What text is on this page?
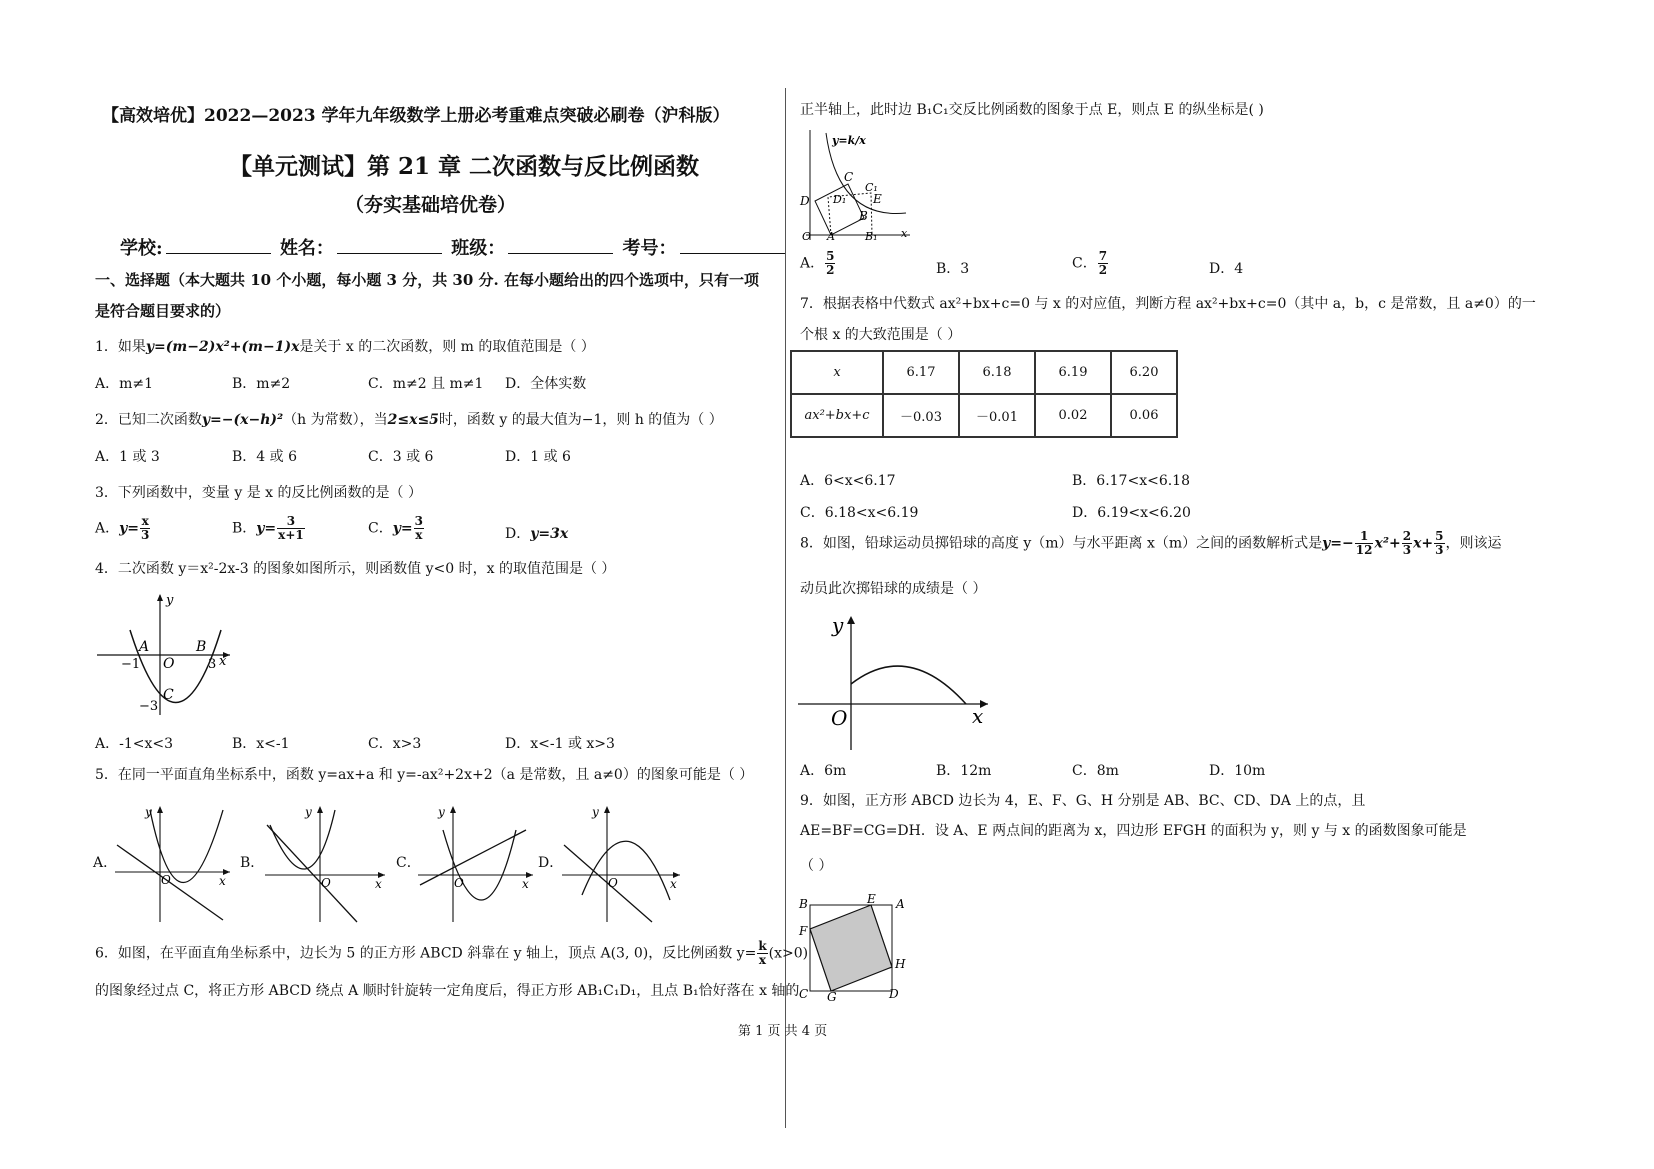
【高效培优】2022—2023 学年九年级数学上册必考重难点突破必刷卷（沪科版）
【单元测试】第 21 章 二次函数与反比例函数
（夯实基础培优卷）
学校:	姓名：	班级：	考号：
一、选择题（本大题共 10 个小题，每小题 3 分，共 30 分. 在每小题给出的四个选项中，只有一项
是符合题目要求的）
1．如果y=(m−2)x²+(m−1)x是关于 x 的二次函数，则 m 的取值范围是（ ）
A．m≠1	B．m≠2	C．m≠2 且 m≠1 D．全体实数
2．已知二次函数y=−(x−h)²（h 为常数），当2≤x≤5时，函数 y 的最大值为−1，则 h 的值为（ ）
A．1 或 3	B．4 或 6	C．3 或 6	D．1 或 6
3．下列函数中，变量 y 是 x 的反比例函数的是（ ）
A．$y= \frac{x}{3}$	B．$y= \frac{3}{x+1}$	C．$y= \frac{3}{x}$	D．y=3x
4．二次函数 y＝x²-2x-3 的图象如图所示，则函数值 y<0 时，x 的取值范围是（ ）
y
x
A	B
C
O
−1	3
−3
A．-1<x<3	B．x<-1	C．x>3	D．x<-1 或 x>3
5．在同一平面直角坐标系中，函数 y=ax+a 和 y=-ax²+2x+2（a 是常数，且 a≠0）的图象可能是（ ）
A．
y
x
O
B．
y
x
O
C．
y
x
O
D．
y
x
O
6．如图，在平面直角坐标系中，边长为 5 的正方形 ABCD 斜靠在 y 轴上，顶点 A(3, 0)，反比例函数 $y= \frac{k}{x} (x>0)$
的图象经过点 C，将正方形 ABCD 绕点 A 顺时针旋转一定角度后，得正方形 AB₁C₁D₁，且点 B₁恰好落在 x 轴的
正半轴上，此时边 B₁C₁交反比例函数的图象于点 E，则点 E 的纵坐标是( )
y=k/x
D
C
C₁
D₁ E
B
O A	B₁ x
A． $\frac{5}{2}$	B．3	C． $\frac{7}{2}$	D．4
7．根据表格中代数式 ax²+bx+c=0 与 x 的对应值，判断方程 ax²+bx+c=0（其中 a，b，c 是常数，且 a≠0）的一
个根 x 的大致范围是（ ）
x	6.17	6.18	6.19	6.20
ax²+bx+c	－0.03	－0.01	0.02	0.06
A．6<x<6.17	B．6.17<x<6.18
C．6.18<x<6.19	D．6.19<x<6.20
8．如图，铅球运动员掷铅球的高度 y（m）与水平距离 x（m）之间的函数解析式是$y=- \frac{1}{12} x^2+ \frac{2}{3} x+ \frac{5}{3}$ ，则该运
动员此次掷铅球的成绩是（ ）
y
x
O
A．6m	B．12m	C．8m	D．10m
9．如图，正方形 ABCD 边长为 4，E、F、G、H 分别是 AB、BC、CD、DA 上的点，且
AE=BF=CG=DH．设 A、E 两点间的距离为 x，四边形 EFGH 的面积为 y，则 y 与 x 的函数图象可能是
（ ）
B	E A
F
H
C G	D
第 1 页 共 4 页
